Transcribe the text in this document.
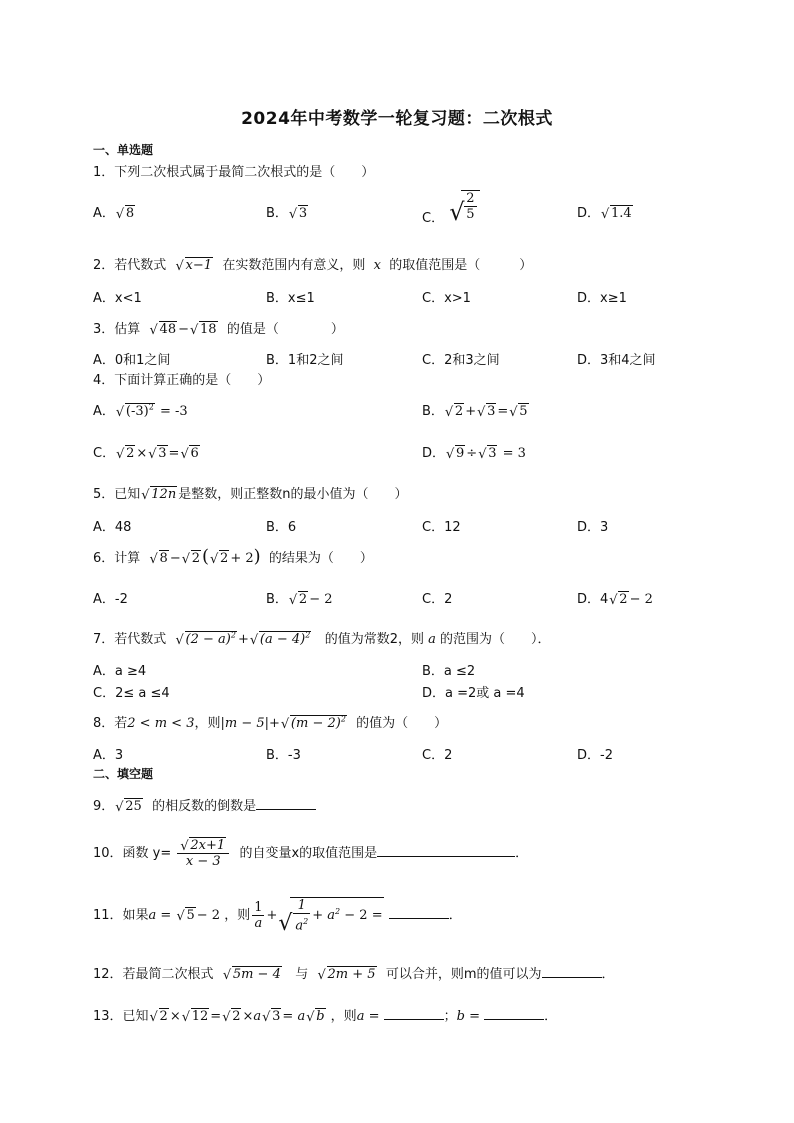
2024年中考数学一轮复习题：二次根式
一、单选题
1．下列二次根式属于最简二次根式的是（　　）
A． √ 8	B． √ 3	C． √ $\frac{2}{5}$	D． √ 1.4
2．若代数式 √ x−1 在实数范围内有意义，则 x 的取值范围是（　　　）
A．x<1	B．x≤1	C．x>1	D．x≥1
3．估算 √ 48 − √ 18 的值是（　　　　）
A．0和1之间	B．1和2之间	C．2和3之间	D．3和4之间
4．下面计算正确的是（　　）
A． √ $(-3)^2 = -3$	B． √ 2 + √ 3 = √ 5
C． √ 2 × √ 3 = √ 6	D． √ 9 ÷ √ 3 = 3
5．已知 √ 12n 是整数，则正整数n的最小值为（　　）
A．48	B．6	C．12	D．3
6．计算 √ 8 − √ 2 ( √ 2 + 2) 的结果为（　　）
A．-2	B． √ 2 − 2	C．2	D．4 √ 2 − 2
7．若代数式 √ $(2 - a)^2$ + √ $(a - 4)^2$ 的值为常数2，则 a 的范围为（　　）．
A．a ≥4	B．a ≤2
C．2≤ a ≤4	D．a =2或 a =4
8．若2 < m < 3，则|m − 5|+ √ $(m - 2)^2$ 的值为（　　）
A．3	B．-3	C．2	D．-2
二、填空题
9． √ 25 的相反数的倒数是
10．函数 $y= \frac{√ 2x+1}{x - 3}$ 的自变量x的取值范围是	．
11．如果a = √ 5 − 2 ，则 $\frac{1}{a}$ + √ $\frac{1}{a^2} + a^2 - 2$ =	．
12．若最简二次根式 √ 5m − 4 与 √ 2m + 5 可以合并，则m的值可以为	．
13．已知 √ 2 × √ 12 = √ 2 ×a √ 3 = a √ b ，则a =	；b =	．
